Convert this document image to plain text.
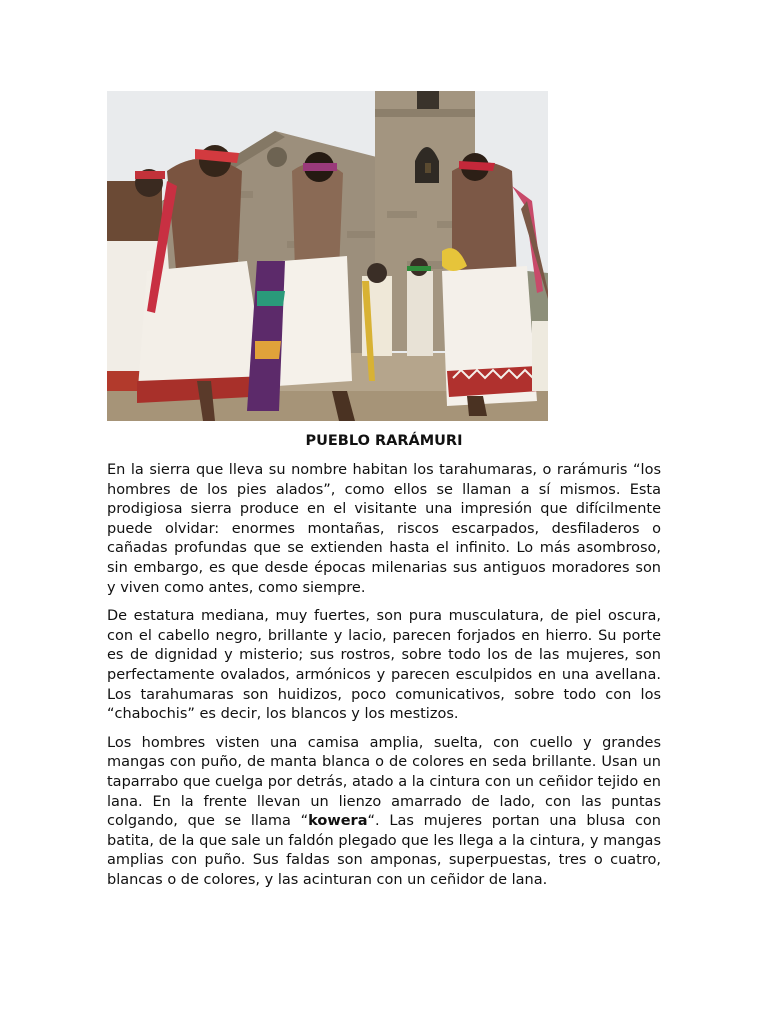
PUEBLO RARÁMURI

En la sierra que lleva su nombre habitan los tarahumaras, o rarámuris “los hombres de los pies alados”, como ellos se llaman a sí mismos. Esta prodigiosa sierra produce en el visitante una impresión que difícilmente puede olvidar: enormes montañas, riscos escarpados, desfiladeros o cañadas profundas que se extienden hasta el infinito. Lo más asombroso, sin embargo, es que desde épocas milenarias sus antiguos moradores son y viven como antes, como siempre.

De estatura mediana, muy fuertes, son pura musculatura, de piel oscura, con el cabello negro, brillante y lacio, parecen forjados en hierro. Su porte es de dignidad y misterio; sus rostros, sobre todo los de las mujeres, son perfectamente ovalados, armónicos y parecen esculpidos en una avellana. Los tarahumaras son huidizos, poco comunicativos, sobre todo con los “chabochis” es decir, los blancos y los mestizos.

Los hombres visten una camisa amplia, suelta, con cuello y grandes mangas con puño, de manta blanca o de colores en seda brillante. Usan un taparrabo que cuelga por detrás, atado a la cintura con un ceñidor tejido en lana. En la frente llevan un lienzo amarrado de lado, con las puntas colgando, que se llama “kowera“. Las mujeres portan una blusa con batita, de la que sale un faldón plegado que les llega a la cintura, y mangas amplias con puño. Sus faldas son amponas, superpuestas, tres o cuatro, blancas o de colores, y las acinturan con un ceñidor de lana.
